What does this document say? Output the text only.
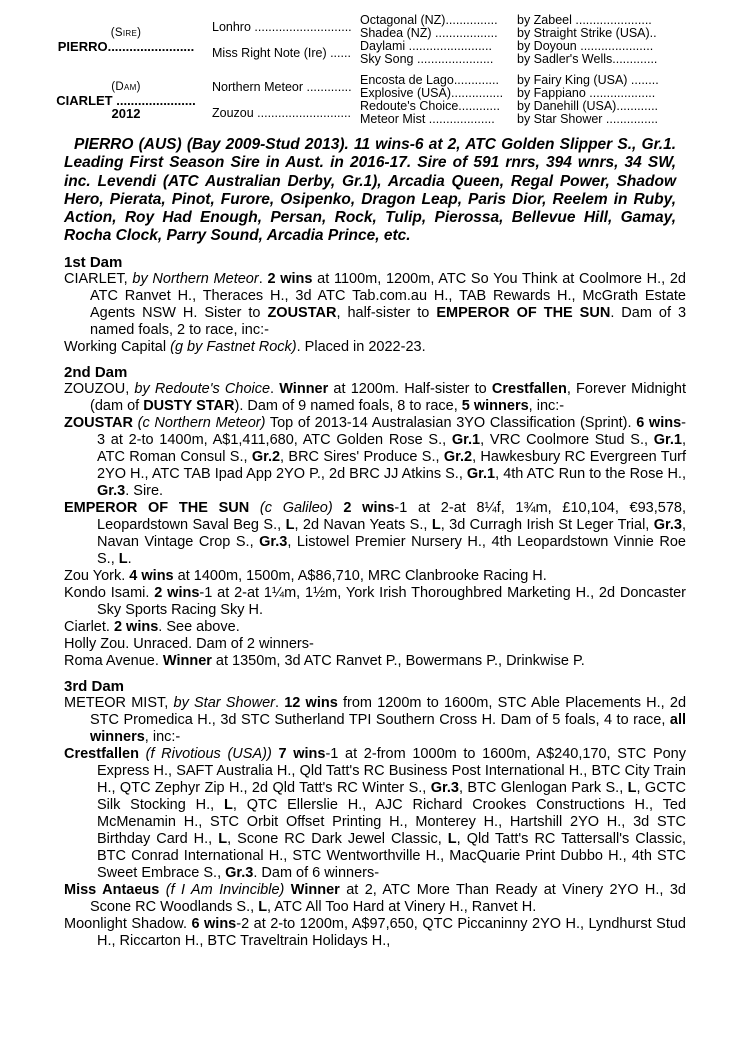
(Sire)
PIERRO........................
Lonhro ............................
Miss Right Note (Ire) ......
Octagonal (NZ)...............
Shadea (NZ) ..................
Daylami ........................
Sky Song ......................
by Zabeel ......................
by Straight Strike (USA)..
by Doyoun .....................
by Sadler's Wells.............
(Dam)
CIARLET ......................
2012
Northern Meteor .............
Zouzou ...........................
Encosta de Lago.............
Explosive (USA)...............
Redoute's Choice............
Meteor Mist ...................
by Fairy King (USA) ........
by Fappiano ...................
by Danehill (USA)............
by Star Shower ...............
PIERRO (AUS) (Bay 2009-Stud 2013). 11 wins-6 at 2, ATC Golden Slipper S., Gr.1. Leading First Season Sire in Aust. in 2016-17. Sire of 591 rnrs, 394 wnrs, 34 SW, inc. Levendi (ATC Australian Derby, Gr.1), Arcadia Queen, Regal Power, Shadow Hero, Pierata, Pinot, Furore, Osipenko, Dragon Leap, Paris Dior, Reelem in Ruby, Action, Roy Had Enough, Persan, Rock, Tulip, Pierossa, Bellevue Hill, Gamay, Rocha Clock, Parry Sound, Arcadia Prince, etc.
1st Dam

CIARLET, by Northern Meteor. 2 wins at 1100m, 1200m, ATC So You Think at Coolmore H., 2d ATC Ranvet H., Theraces H., 3d ATC Tab.com.au H., TAB Rewards H., McGrath Estate Agents NSW H. Sister to ZOUSTAR, half-sister to EMPEROR OF THE SUN. Dam of 3 named foals, 2 to race, inc:-

Working Capital (g by Fastnet Rock). Placed in 2022-23.

2nd Dam

ZOUZOU, by Redoute's Choice. Winner at 1200m. Half-sister to Crestfallen, Forever Midnight (dam of DUSTY STAR). Dam of 9 named foals, 8 to race, 5 winners, inc:-

ZOUSTAR (c Northern Meteor) Top of 2013-14 Australasian 3YO Classification (Sprint). 6 wins-3 at 2-to 1400m, A$1,411,680, ATC Golden Rose S., Gr.1, VRC Coolmore Stud S., Gr.1, ATC Roman Consul S., Gr.2, BRC Sires' Produce S., Gr.2, Hawkesbury RC Evergreen Turf 2YO H., ATC TAB Ipad App 2YO P., 2d BRC JJ Atkins S., Gr.1, 4th ATC Run to the Rose H., Gr.3. Sire.

EMPEROR OF THE SUN (c Galileo) 2 wins-1 at 2-at 8¼f, 1¾m, £10,104, €93,578, Leopardstown Saval Beg S., L, 2d Navan Yeats S., L, 3d Curragh Irish St Leger Trial, Gr.3, Navan Vintage Crop S., Gr.3, Listowel Premier Nursery H., 4th Leopardstown Vinnie Roe S., L.

Zou York. 4 wins at 1400m, 1500m, A$86,710, MRC Clanbrooke Racing H.

Kondo Isami. 2 wins-1 at 2-at 1¼m, 1½m, York Irish Thoroughbred Marketing H., 2d Doncaster Sky Sports Racing Sky H.

Ciarlet. 2 wins. See above.

Holly Zou. Unraced. Dam of 2 winners-

Roma Avenue. Winner at 1350m, 3d ATC Ranvet P., Bowermans P., Drinkwise P.

3rd Dam

METEOR MIST, by Star Shower. 12 wins from 1200m to 1600m, STC Able Placements H., 2d STC Promedica H., 3d STC Sutherland TPI Southern Cross H. Dam of 5 foals, 4 to race, all winners, inc:-

Crestfallen (f Rivotious (USA)) 7 wins-1 at 2-from 1000m to 1600m, A$240,170, STC Pony Express H., SAFT Australia H., Qld Tatt's RC Business Post International H., BTC City Train H., QTC Zephyr Zip H., 2d Qld Tatt's RC Winter S., Gr.3, BTC Glenlogan Park S., L, GCTC Silk Stocking H., L, QTC Ellerslie H., AJC Richard Crookes Constructions H., Ted McMenamin H., STC Orbit Offset Printing H., Monterey H., Hartshill 2YO H., 3d STC Birthday Card H., L, Scone RC Dark Jewel Classic, L, Qld Tatt's RC Tattersall's Classic, BTC Conrad International H., STC Wentworthville H., MacQuarie Print Dubbo H., 4th STC Sweet Embrace S., Gr.3. Dam of 6 winners-

Miss Antaeus (f I Am Invincible) Winner at 2, ATC More Than Ready at Vinery 2YO H., 3d Scone RC Woodlands S., L, ATC All Too Hard at Vinery H., Ranvet H.

Moonlight Shadow. 6 wins-2 at 2-to 1200m, A$97,650, QTC Piccaninny 2YO H., Lyndhurst Stud H., Riccarton H., BTC Traveltrain Holidays H.,
